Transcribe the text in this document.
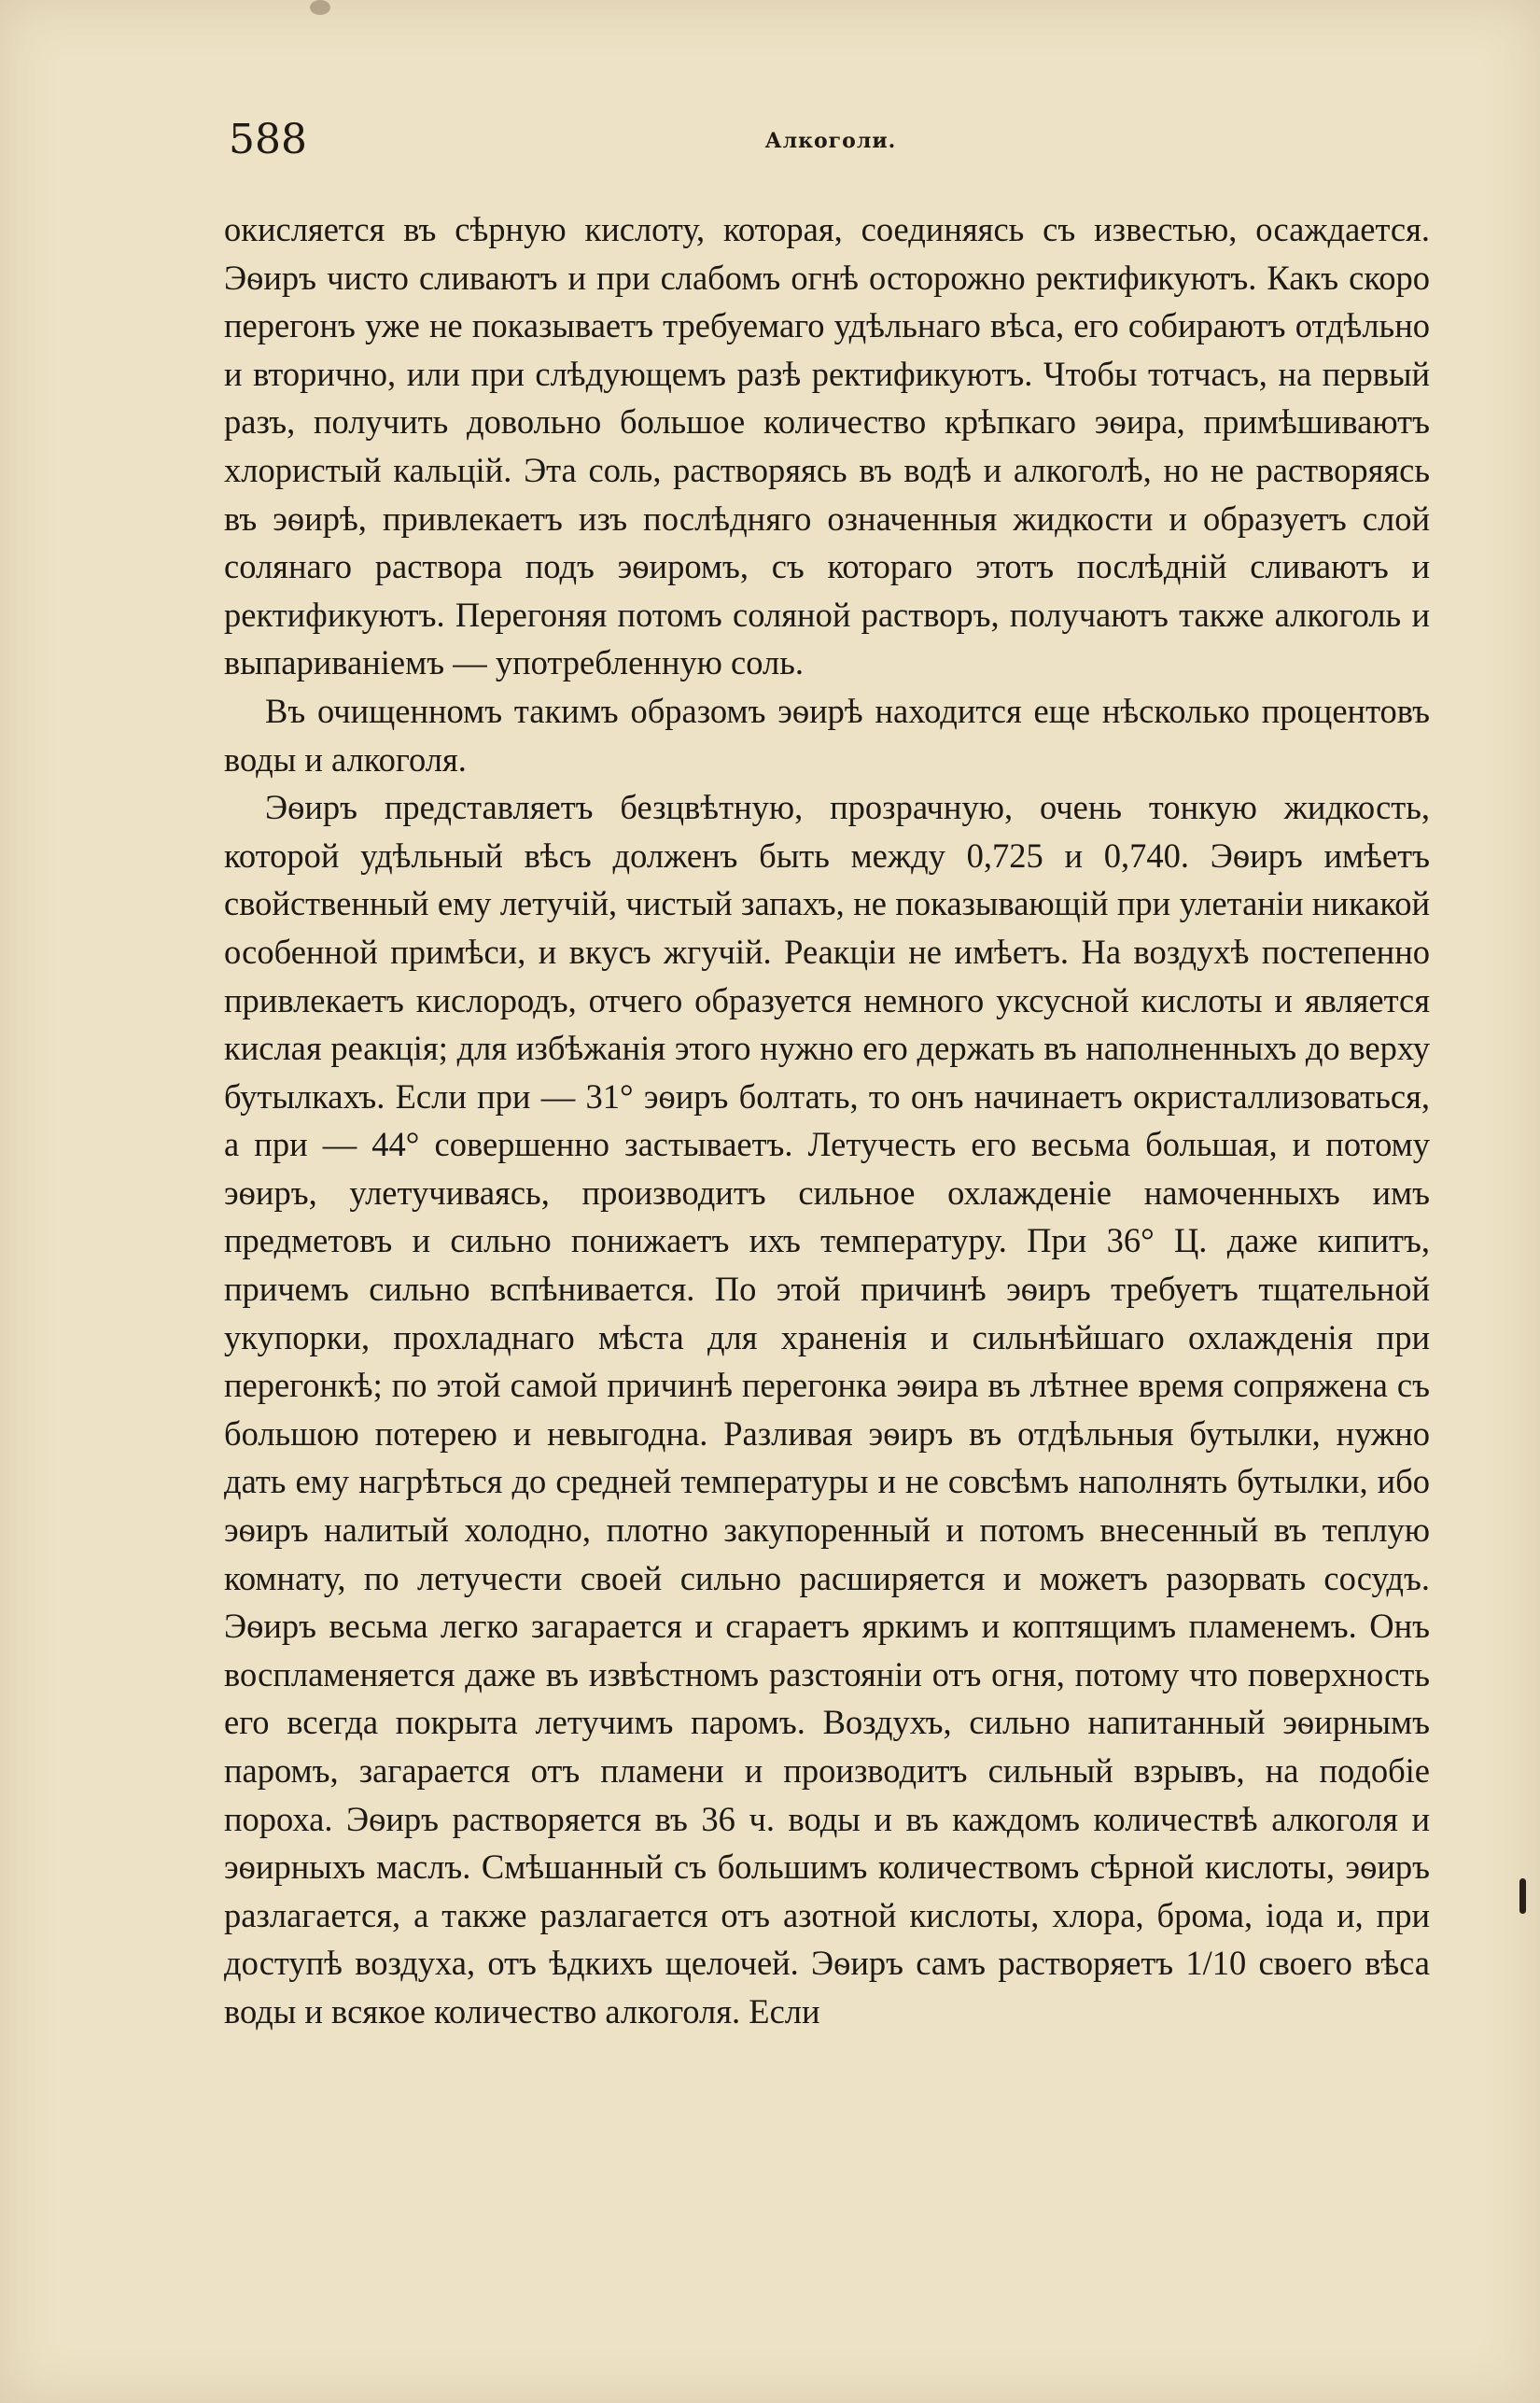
588	Алкоголи.

окисляется въ сѣрную кислоту, которая, соединяясь съ известью, осаждается. Эѳиръ чисто сливаютъ и при слабомъ огнѣ осторожно ректификуютъ. Какъ скоро перегонъ уже не показываетъ требуемаго удѣльнаго вѣса, его собираютъ отдѣльно и вторично, или при слѣдующемъ разѣ ректификуютъ. Чтобы тотчасъ, на первый разъ, получить довольно большое количество крѣпкаго эѳира, примѣшиваютъ хлористый кальцій. Эта соль, растворяясь въ водѣ и алкоголѣ, но не растворяясь въ эѳирѣ, привлекаетъ изъ послѣдняго означенныя жидкости и образуетъ слой солянаго раствора подъ эѳиромъ, съ котораго этотъ послѣдній сливаютъ и ректификуютъ. Перегоняя потомъ соляной растворъ, получаютъ также алкоголь и выпариваніемъ — употребленную соль.

Въ очищенномъ такимъ образомъ эѳирѣ находится еще нѣсколько процентовъ воды и алкоголя.

Эѳиръ представляетъ безцвѣтную, прозрачную, очень тонкую жидкость, которой удѣльный вѣсъ долженъ быть между 0,725 и 0,740. Эѳиръ имѣетъ свойственный ему летучій, чистый запахъ, не показывающій при улетаніи никакой особенной примѣси, и вкусъ жгучій. Реакціи не имѣетъ. На воздухѣ постепенно привлекаетъ кислородъ, отчего образуется немного уксусной кислоты и является кислая реакція; для избѣжанія этого нужно его держать въ наполненныхъ до верху бутылкахъ. Если при — 31° эѳиръ болтать, то онъ начинаетъ окристаллизоваться, а при — 44° совершенно застываетъ. Летучесть его весьма большая, и потому эѳиръ, улетучиваясь, производитъ сильное охлажденіе намоченныхъ имъ предметовъ и сильно понижаетъ ихъ температуру. При 36° Ц. даже кипитъ, причемъ сильно вспѣнивается. По этой причинѣ эѳиръ требуетъ тщательной укупорки, прохладнаго мѣста для храненія и сильнѣйшаго охлажденія при перегонкѣ; по этой самой причинѣ перегонка эѳира въ лѣтнее время сопряжена съ большою потерею и невыгодна. Разливая эѳиръ въ отдѣльныя бутылки, нужно дать ему нагрѣться до средней температуры и не совсѣмъ наполнять бутылки, ибо эѳиръ налитый холодно, плотно закупоренный и потомъ внесенный въ теплую комнату, по летучести своей сильно расширяется и можетъ разорвать сосудъ. Эѳиръ весьма легко загарается и сгараетъ яркимъ и коптящимъ пламенемъ. Онъ воспламеняется даже въ извѣстномъ разстояніи отъ огня, потому что поверхность его всегда покрыта летучимъ паромъ. Воздухъ, сильно напитанный эѳирнымъ паромъ, загарается отъ пламени и производитъ сильный взрывъ, на подобіе пороха. Эѳиръ растворяется въ 36 ч. воды и въ каждомъ количествѣ алкоголя и эѳирныхъ маслъ. Смѣшанный съ большимъ количествомъ сѣрной кислоты, эѳиръ разлагается, а также разлагается отъ азотной кислоты, хлора, брома, іода и, при доступѣ воздуха, отъ ѣдкихъ щелочей. Эѳиръ самъ растворяетъ 1/10 своего вѣса воды и всякое количество алкоголя. Если
